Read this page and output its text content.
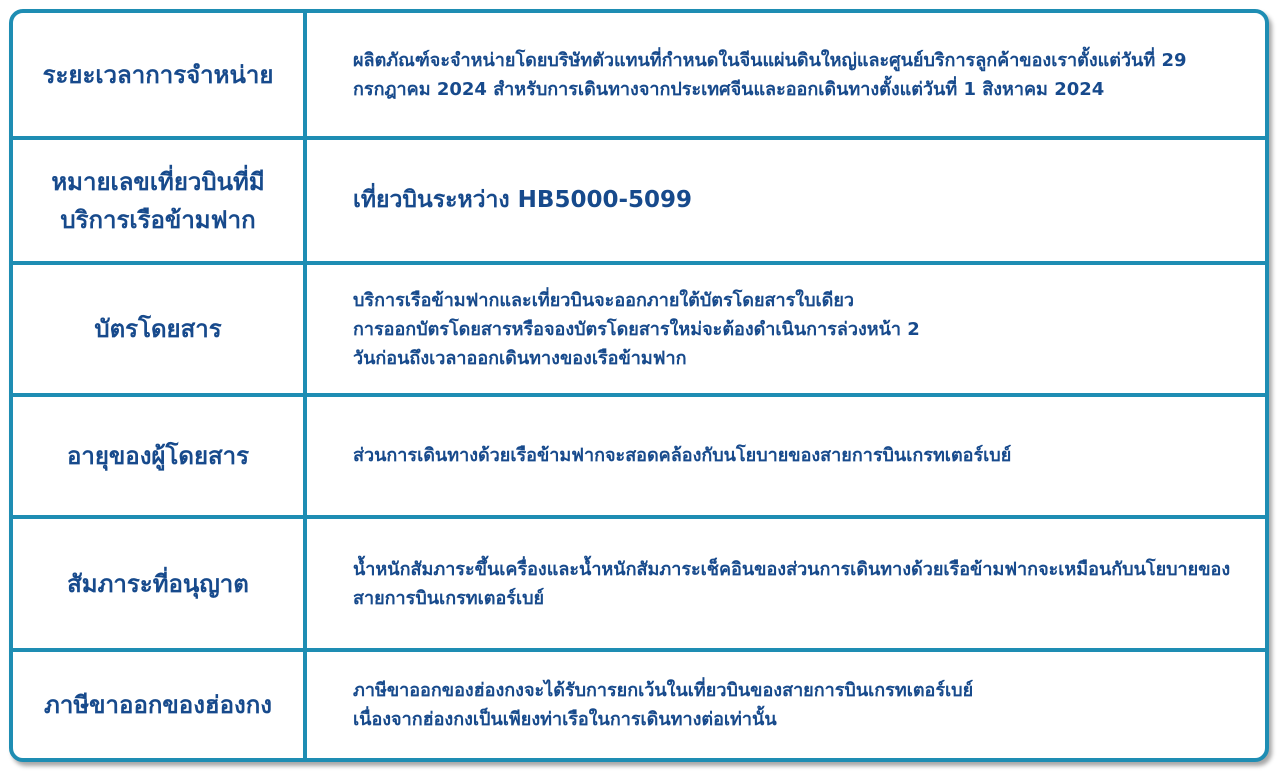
ระยะเวลาการจำหน่าย
ผลิตภัณฑ์จะจำหน่ายโดยบริษัทตัวแทนที่กำหนดในจีนแผ่นดินใหญ่และศูนย์บริการลูกค้าของเราตั้งแต่วันที่ 29 กรกฎาคม 2024 สำหรับการเดินทางจากประเทศจีนและออกเดินทางตั้งแต่วันที่ 1 สิงหาคม 2024
หมายเลขเที่ยวบินที่มีบริการเรือข้ามฟาก
เที่ยวบินระหว่าง HB5000-5099
บัตรโดยสาร
บริการเรือข้ามฟากและเที่ยวบินจะออกภายใต้บัตรโดยสารใบเดียว
การออกบัตรโดยสารหรือจองบัตรโดยสารใหม่จะต้องดำเนินการล่วงหน้า 2
วันก่อนถึงเวลาออกเดินทางของเรือข้ามฟาก
อายุของผู้โดยสาร	ส่วนการเดินทางด้วยเรือข้ามฟากจะสอดคล้องกับนโยบายของสายการบินเกรทเตอร์เบย์
สัมภาระที่อนุญาต
น้ำหนักสัมภาระขึ้นเครื่องและน้ำหนักสัมภาระเช็คอินของส่วนการเดินทางด้วยเรือข้ามฟากจะเหมือนกับนโยบายของสายการบินเกรทเตอร์เบย์
ภาษีขาออกของฮ่องกง
ภาษีขาออกของฮ่องกงจะได้รับการยกเว้นในเที่ยวบินของสายการบินเกรทเตอร์เบย์
เนื่องจากฮ่องกงเป็นเพียงท่าเรือในการเดินทางต่อเท่านั้น
